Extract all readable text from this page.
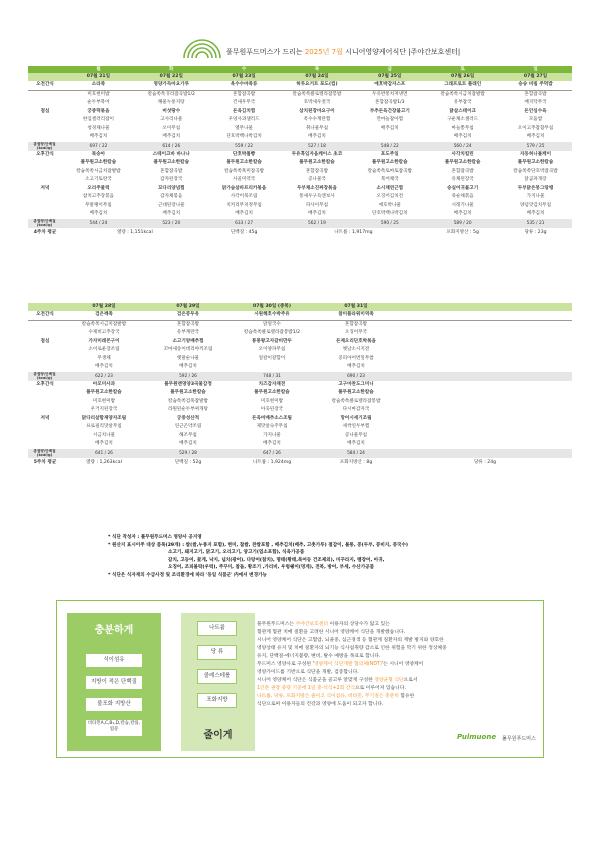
풀무원푸드머스가 드리는 2025년 7월 시니어영양케어식단 |주야간보호센터|
	월	화	수	목	금	토	일
	07월 21일	07월 22일	07월 23일	07월 24일	07월 25일	07월 26일	07월 27일
오전간식	소라죽	영양가득마요가루	옥수수마죽류	허루요거트 포도(컵)	애호박감자스프	그래프로트 플래인	숭숭 비빔 주먹밥
	미호현미밥	칼슘쏙쏙귀리잡곡밥1/2	혼합잡곡밥	칼슘쏙쏙클로렐라잡봉밥	두유반통치저냉면	칼슘쏙쏙시금치잡발밥	혼합잡곡밥
	순두부북어	해물누룽지탕	건새우무국	호박새우젓국	혼합잡곡밥1/3	유부잡국	배지탁무국
점심	궁중떡볶음	버섯땅수	돈육김치찜	삼치된장마요구이	부추돈육간장불고기	닭살스테이크	돈안심수육
	한입셀러리잡이	고사리나물	우엉사과샐러드	옥수수계란찜	깐마늘잡아찜	구운채소샐러드	모둠쌈
	청경채나물	오이무침	열무나물	취나물무침	배추김치	마늘쫑무침	오이고추찹찹무침
	배추김치	배추김치	단호박백나박김치	배추김치		배추김치	배추김치

총열량/단백질
(kcal/g)	697 / 22	614 / 26	559 / 22	527 / 18	548 / 22	560 / 24	579 / 25
오후간식	북숭아	스테이크바 바나나	단호박롤빵	두유흑임자음케이스 초코	포도주일	사각치킬린	자동허니볼케이
	풀무원고소한칼슘	풀무원고소한칼슘	풀무원고소한칼슘	풀무원고소한칼슘	풀무원고소한칼슘	풀무원고소한칼슘	풀무원고소한칼슘
	칼슘쏙쏙시금치잡발밥	혼합잡곡밥	칼슘쏙쏙흑미잡곡밥	혼합잡곡밥	칼슘쏙쏙토마토잡곡밥	혼합잡곡밥	칼슘쏙쏙단호박잡곡밥
	소고기토란국	감자된장국	사골미역국	콩나물국	북어채국	유채된장국	닭곰파개장
저녁	오리주물럭	꼬다리양념찜	닭가슴살파프리카볶음	두부채소진짜장볶음	소시채연근찜	숭실어귀불고기	두부닭은봉그랑땡
	참치고추장볶음	감자채볶음	사각어묵조림	통새우구득앤보사	오징어김치전	죽순채볶음	가지나물
	무말랭이무침	근대된장나물	치커리무치정무침	파사이무침	애호박나물	시래기나물	양념맛김치무침
	배추김치	배추김치	배추김치	배추김치	단호박백나박김치	배추김치	배추김치

총열량/단백질
(kcal/g)	544 / 24	523 / 20	633 / 27	562 / 19	590 / 25	589 / 20	535 / 21
4주차 평균	열량 : 1,151kcal		단백질 : 45g	나트륨 : 1,917mg		포화지방산 : 5g	당류 : 23g
	07월 28일	07월 29일	07월 30일 (중복)	07월 31일	
오전간식	검은깨죽	검은콩두유	시원해호수박주유	참미플라워미역죽	
	칼슘쏙쏙시금치잡발밥	혼합잡곡밥	닭얼국수	혼합잡곡밥	
	수제비고추장국	유부계란국	칼슘쏙쏙클로렐라잡봉밥1/2	오징어무국	
점심	가자미레몬구이	소고기양배추찜	통통왕고자갈비만두	돈제오리단호박볶음	
	소이로운장조림	꼬마새송이데리야끼조림	오이양파무침	옛날소시지전	
	무생채	옛말순나물	얼갈이갈합이	콩피아어번잎무쌈	
	배추김치	배추김치		배추김치	

총열량/단백질
(kcal/g)	622 / 23	592 / 26	748 / 31	690 / 23	
오후간식	아모미사과	풀무원맨영양3곡물감정	치즈감자채전	고구마찬도그미니	
	풀무원고소한칼슘	풀무원고소한칼슘	풀무원고소한칼슘	풀무원고소한칼슘	
	미호현미밥	칼슘쏙쏙검흑잡발밥	미호현미밥	칼슘쏙쏙클로렐라잡봉밥	
	우거지된장국	라원된순두부찌개탕	아욱된장국	다시마감자국	
저녁	닭다리살함재양자조림	궁중성산적	돈육버배추소스조림	망어시세기조림	
	프로필리맛살무침	연근곤약조림	제맛살숙주무침	새싹연두부찜	
	시금치나물	해조무침	가지나물	콩나물무침	
	배추김치	배추김치	배추김치	배추김치	

총열량/단백질
(kcal/g)	641 / 26	529 / 28	647 / 26	584 / 24	
5주차 평균	열량 : 1,263kcal	단백질 : 52g	나트륨 : 1,924mg	포화지방산 : 8g	당류 : 24g
* 식단 작성자 : 풀무원푸드머스 영양사 공지영
* 원산지 표시이주 대상 품목(29개) : 쌀(쌀,누룽지 포함), 현미, 찹쌀, 찬쌀포함 , 배추김치(배추, 고춧가루) 절감이, 볼통, 콩(두부, 콩비지, 콩국수)
소고기, 돼지고기, 닭고기, 오리고기, 양고기(염소포함), 식육가공품
갈치, 고등어, 꽃게, 낙지, 넙치(광어), 다랑어(참치), 명태(황태,북어등 건조제외), 미꾸라지, 뱀장어, 아귀,
오징어, 조피볼락(우럭), 주꾸미, 참돔, 황조기 ,가리비, 우렁쉥이(멍게), 전복, 방어, 부세, 수산가공품
* 식단은 식자재의 수급사정 및 조리환경에 따라 '동일 식품군' 内에서 변경가능
충분하게
식이섬유
지방이 적은 단백질
불포화 지방산
비타민A,C,B₁,D,칼슘,칼륨,엽분
줄이게
나트륨
당 류
콜레스테롤
포화지방
풀무원푸드머스는 주야간보호센터 이용자의 상당수가 앓고 있는
혈관계 혈관 치매 질환을 고려한 시니어 영양케어 식단을 개발했습니다.
시니어 영양케어 식단은 고혈압, 뇌졸중, 심근경색 등 혈관계 질환자의 재발 방지와 양호한
영양상태 유지 및 치매 질환자의 뇌기능 식사섭취량 감소로 인한 위험을 막기 위한 정상체중
유지, 단백질-에너지불량, 변비, 탈수 예방을 목표로 합니다.
푸드머스 영양사로 구성된 '영양케어 식단개발 협의체(NDT)'는 시니어 영양케어
영양가이드를 기반으로 식단을 개발, 검증합니다.
시니어 영양케어 식단은 식품군을 골고루 알맞게 구성한 영양균형 식단으로서
1인분 권장 중량 기준에 1일 충·석식+2회 간식으로 이루어져 있습니다.
나트륨, 당류, 포화지방은 줄이고 식이섬유, 비타민, 무기질은 충분히 함유한
식단으로써 이용자들의 건강과 영양에 도움이 되고자 합니다.
Pulmuone 풀무원푸드머스
